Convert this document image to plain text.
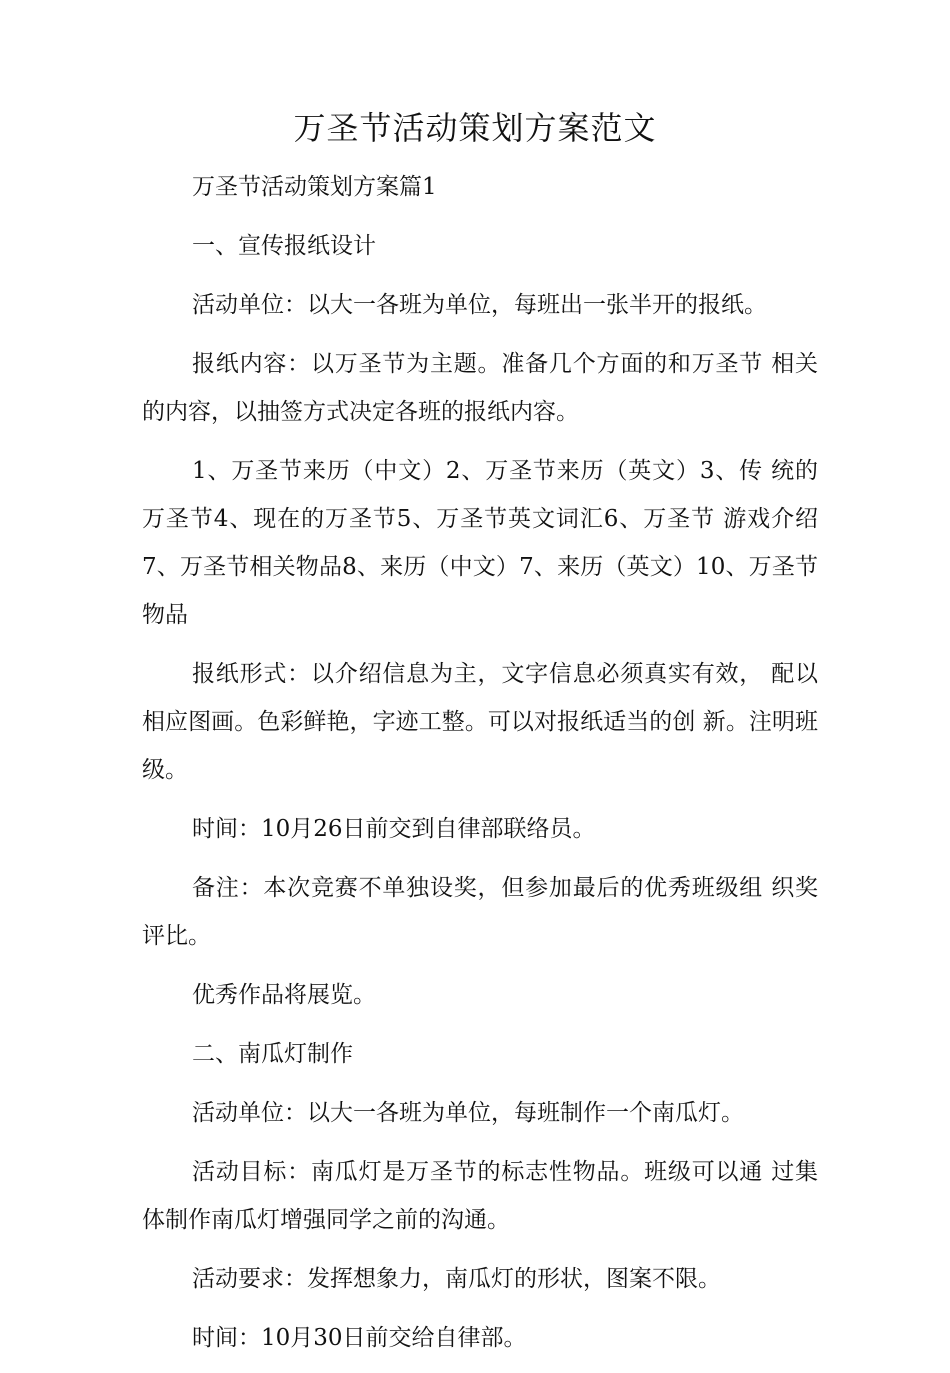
万圣节活动策划方案范文

万圣节活动策划方案篇1

一、宣传报纸设计

活动单位：以大一各班为单位，每班出一张半开的报纸。

报纸内容：以万圣节为主题。准备几个方面的和万圣节 相关的内容，以抽签方式决定各班的报纸内容。

1、万圣节来历（中文）2、万圣节来历（英文）3、传 统的万圣节4、现在的万圣节5、万圣节英文词汇6、万圣节 游戏介绍7、万圣节相关物品8、来历（中文）7、来历（英文）10、万圣节物品

报纸形式：以介绍信息为主，文字信息必须真实有效， 配以相应图画。色彩鲜艳，字迹工整。可以对报纸适当的创 新。注明班级。

时间：10月26日前交到自律部联络员。

备注：本次竞赛不单独设奖，但参加最后的优秀班级组 织奖评比。

优秀作品将展览。

二、南瓜灯制作

活动单位：以大一各班为单位，每班制作一个南瓜灯。

活动目标：南瓜灯是万圣节的标志性物品。班级可以通 过集体制作南瓜灯增强同学之前的沟通。

活动要求：发挥想象力，南瓜灯的形状，图案不限。

时间：10月30日前交给自律部。
